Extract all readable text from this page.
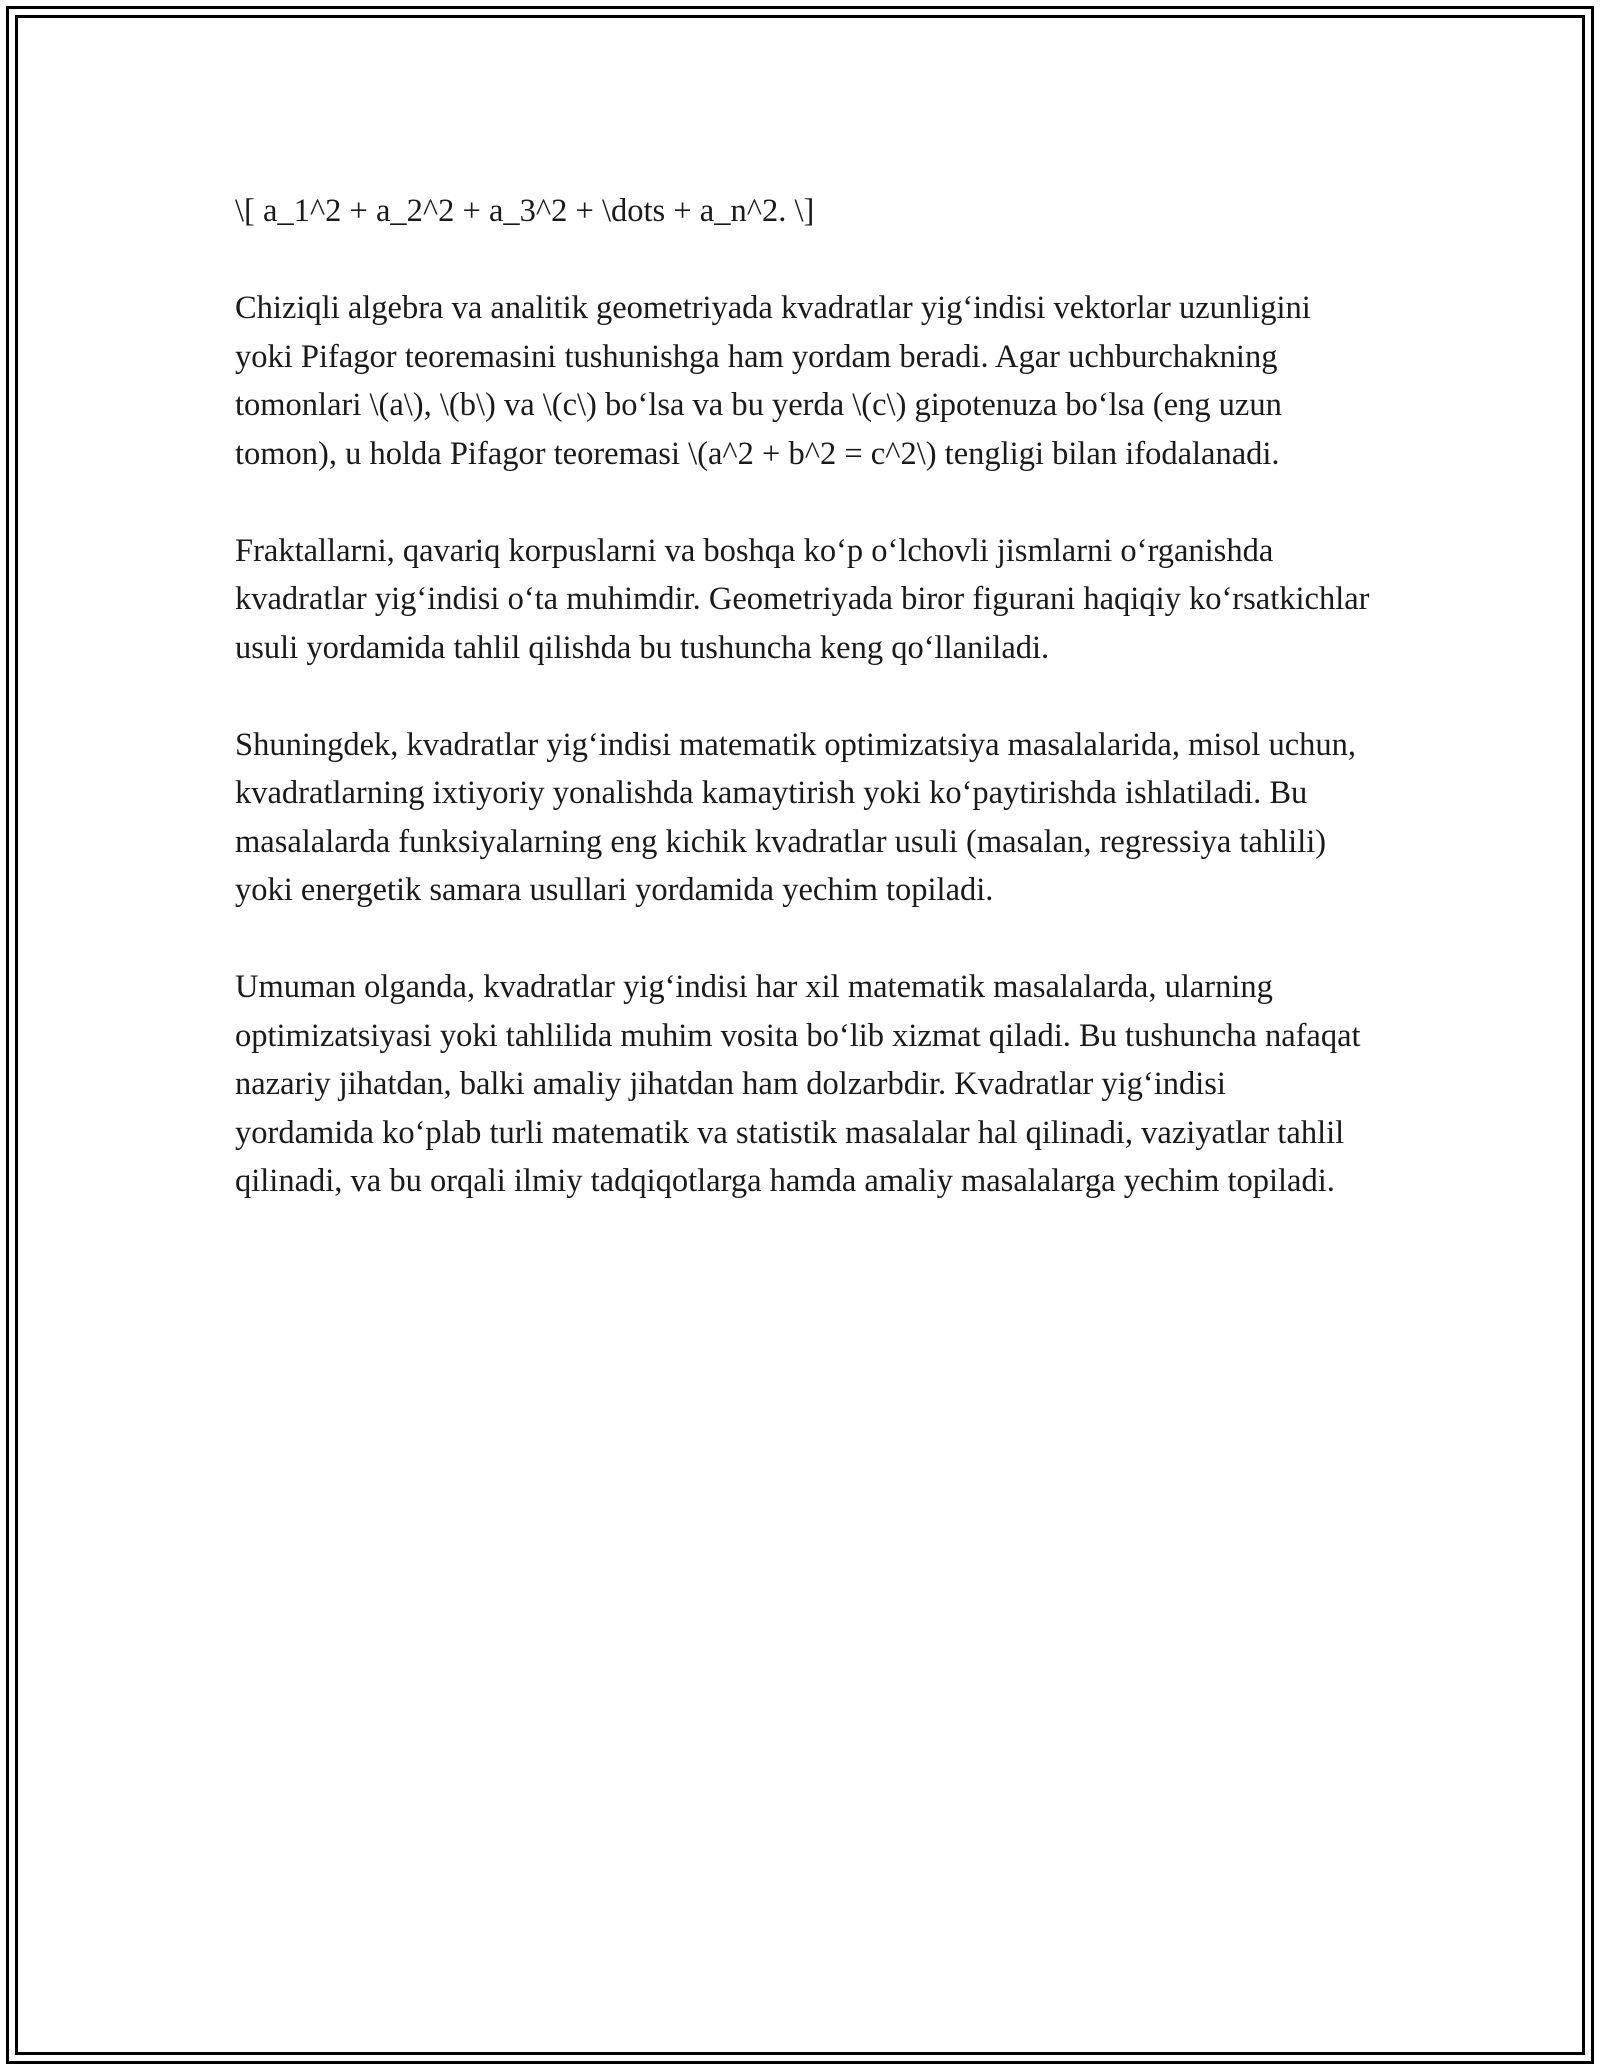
\[ a_1^2 + a_2^2 + a_3^2 + \dots + a_n^2. \]

Chiziqli algebra va analitik geometriyada kvadratlar yig‘indisi vektorlar uzunligini yoki Pifagor teoremasini tushunishga ham yordam beradi. Agar uchburchakning tomonlari \(a\), \(b\) va \(c\) bo‘lsa va bu yerda \(c\) gipotenuza bo‘lsa (eng uzun tomon), u holda Pifagor teoremasi \(a^2 + b^2 = c^2\) tengligi bilan ifodalanadi.

Fraktallarni, qavariq korpuslarni va boshqa ko‘p o‘lchovli jismlarni o‘rganishda kvadratlar yig‘indisi o‘ta muhimdir. Geometriyada biror figurani haqiqiy ko‘rsatkichlar usuli yordamida tahlil qilishda bu tushuncha keng qo‘llaniladi.

Shuningdek, kvadratlar yig‘indisi matematik optimizatsiya masalalarida, misol uchun, kvadratlarning ixtiyoriy yonalishda kamaytirish yoki ko‘paytirishda ishlatiladi. Bu masalalarda funksiyalarning eng kichik kvadratlar usuli (masalan, regressiya tahlili) yoki energetik samara usullari yordamida yechim topiladi.

Umuman olganda, kvadratlar yig‘indisi har xil matematik masalalarda, ularning optimizatsiyasi yoki tahlilida muhim vosita bo‘lib xizmat qiladi. Bu tushuncha nafaqat nazariy jihatdan, balki amaliy jihatdan ham dolzarbdir. Kvadratlar yig‘indisi yordamida ko‘plab turli matematik va statistik masalalar hal qilinadi, vaziyatlar tahlil qilinadi, va bu orqali ilmiy tadqiqotlarga hamda amaliy masalalarga yechim topiladi.
